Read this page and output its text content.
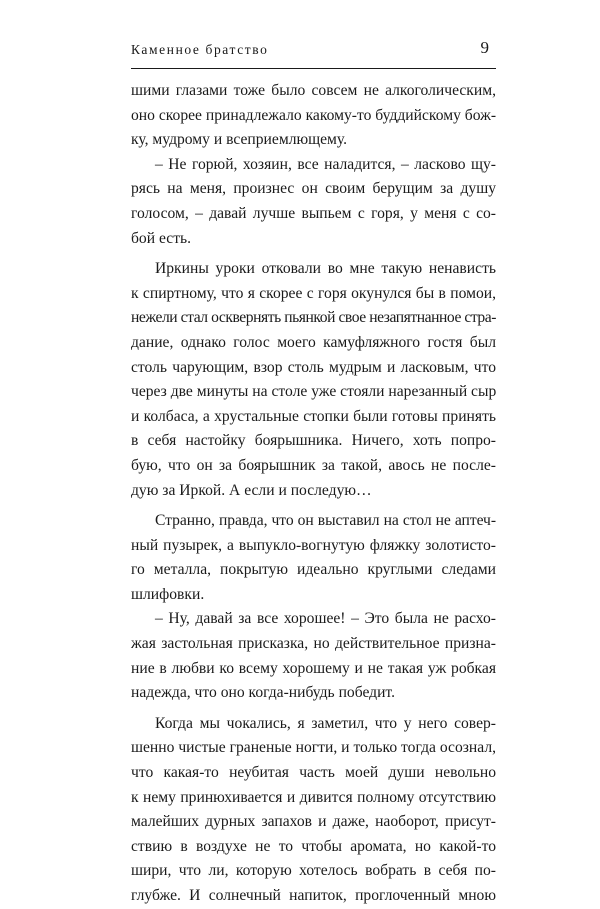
Каменное братство	9
шими глазами тоже было совсем не алкоголическим,
оно скорее принадлежало какому-то буддийскому бож-
ку, мудрому и всеприемлющему.
– Не горюй, хозяин, все наладится, – ласково щу-
рясь на меня, произнес он своим берущим за душу
голосом, – давай лучше выпьем с горя, у меня с со-
бой есть.
Иркины уроки отковали во мне такую ненависть
к спиртному, что я скорее с горя окунулся бы в помои,
нежели стал осквернять пьянкой свое незапятнанное стра-
дание, однако голос моего камуфляжного гостя был
столь чарующим, взор столь мудрым и ласковым, что
через две минуты на столе уже стояли нарезанный сыр
и колбаса, а хрустальные стопки были готовы принять
в себя настойку боярышника. Ничего, хоть попро-
бую, что он за боярышник за такой, авось не после-
дую за Иркой. А если и последую…
Странно, правда, что он выставил на стол не аптеч-
ный пузырек, а выпукло-вогнутую фляжку золотисто-
го металла, покрытую идеально круглыми следами
шлифовки.
– Ну, давай за все хорошее! – Это была не расхо-
жая застольная присказка, но действительное призна-
ние в любви ко всему хорошему и не такая уж робкая
надежда, что оно когда-нибудь победит.
Когда мы чокались, я заметил, что у него совер-
шенно чистые граненые ногти, и только тогда осознал,
что какая-то неубитая часть моей души невольно
к нему принюхивается и дивится полному отсутствию
малейших дурных запахов и даже, наоборот, присут-
ствию в воздухе не то чтобы аромата, но какой-то
шири, что ли, которую хотелось вобрать в себя по-
глубже. И солнечный напиток, проглоченный мною
